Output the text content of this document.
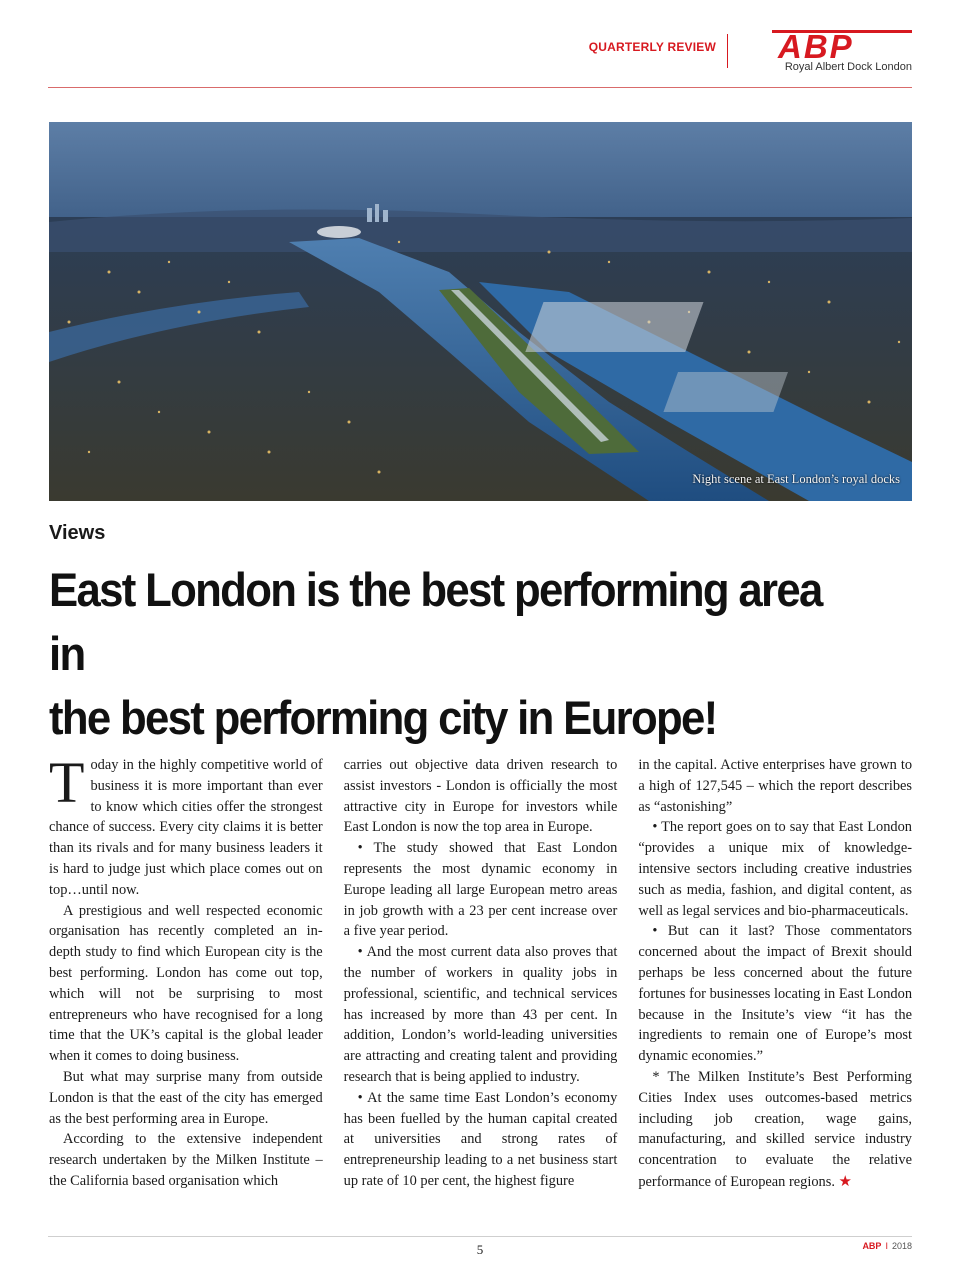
QUARTERLY REVIEW ABP
Royal Albert Dock London
Night scene at East London’s royal docks
Views
East London is the best performing area in
the best performing city in Europe!

Today in the highly competitive world of business it is more important than ever to know which cities offer the strongest chance of success. Every city claims it is better than its rivals and for many business leaders it is hard to judge just which place comes out on top…until now.

A prestigious and well respected economic organisation has recently completed an in-depth study to find which European city is the best performing. London has come out top, which will not be surprising to most entrepreneurs who have recognised for a long time that the UK’s capital is the global leader when it comes to doing business.

But what may surprise many from outside London is that the east of the city has emerged as the best performing area in Europe.

According to the extensive independent research undertaken by the Milken Institute – the California based organisation which

carries out objective data driven research to assist investors - London is officially the most attractive city in Europe for investors while East London is now the top area in Europe.

• The study showed that East London represents the most dynamic economy in Europe leading all large European metro areas in job growth with a 23 per cent increase over a five year period.

• And the most current data also proves that the number of workers in quality jobs in professional, scientific, and technical services has increased by more than 43 per cent. In addition, London’s world-leading universities are attracting and creating talent and providing research that is being applied to industry.

• At the same time East London’s economy has been fuelled by the human capital created at universities and strong rates of entrepreneurship leading to a net business start up rate of 10 per cent, the highest figure

in the capital. Active enterprises have grown to a high of 127,545 – which the report describes as “astonishing”

• The report goes on to say that East London “provides a unique mix of knowledge-intensive sectors including creative industries such as media, fashion, and digital content, as well as legal services and bio-pharmaceuticals.

• But can it last? Those commentators concerned about the impact of Brexit should perhaps be less concerned about the future fortunes for businesses locating in East London because in the Insitute’s view “it has the ingredients to remain one of Europe’s most dynamic economies.”

* The Milken Institute’s Best Performing Cities Index uses outcomes-based metrics including job creation, wage gains, manufacturing, and skilled service industry concentration to evaluate the relative performance of European regions. ★

5	ABP I 2018
